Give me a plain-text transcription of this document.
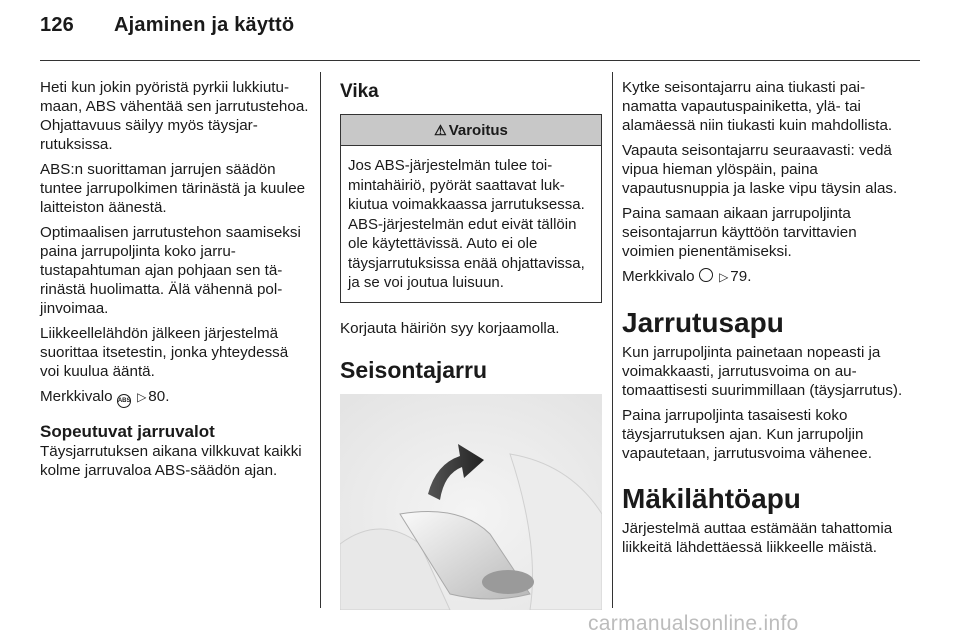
126 Ajaminen ja käyttö

Heti kun jokin pyöristä pyrkii lukkiutumaan, ABS vähentää sen jarrutustehoa. Ohjattavuus säilyy myös täysjarrutuksissa.

ABS:n suorittaman jarrujen säädön tuntee jarrupolkimen tärinästä ja kuulee laitteiston äänestä.

Optimaalisen jarrutustehon saamiseksi paina jarrupoljinta koko jarrutustapahtuman ajan pohjaan sen tärinästä huolimatta. Älä vähennä poljinvoimaa.

Liikkeellelähdön jälkeen järjestelmä suorittaa itsetestin, jonka yhteydessä voi kuulua ääntä.

Merkkivalo ABS ▷ 80.

Sopeutuvat jarruvalot

Täysjarrutuksen aikana vilkkuvat kaikki kolme jarruvaloa ABS-säädön ajan.

Vika
⚠ Varoitus
Jos ABS-järjestelmän tulee toimintahäiriö, pyörät saattavat lukkiutua voimakkaassa jarrutuksessa. ABS-järjestelmän edut eivät tällöin ole käytettävissä. Auto ei ole täysjarrutuksissa enää ohjattavissa, ja se voi joutua luisuun.

Korjauta häiriön syy korjaamolla.

Seisontajarru

Kytke seisontajarru aina tiukasti painamatta vapautuspainiketta, ylä- tai alamäessä niin tiukasti kuin mahdollista.

Vapauta seisontajarru seuraavasti: vedä vipua hieman ylöspäin, paina vapautusnuppia ja laske vipu täysin alas.

Paina samaan aikaan jarrupoljinta seisontajarrun käyttöön tarvittavien voimien pienentämiseksi.

Merkkivalo ▷ 79.

Jarrutusapu

Kun jarrupoljinta painetaan nopeasti ja voimakkaasti, jarrutusvoima on automaattisesti suurimmillaan (täysjarrutus).

Paina jarrupoljinta tasaisesti koko täysjarrutuksen ajan. Kun jarrupoljin vapautetaan, jarrutusvoima vähenee.

Mäkilähtöapu

Järjestelmä auttaa estämään tahattomia liikkeitä lähdettäessä liikkeelle mäistä.

carmanualsonline.info
